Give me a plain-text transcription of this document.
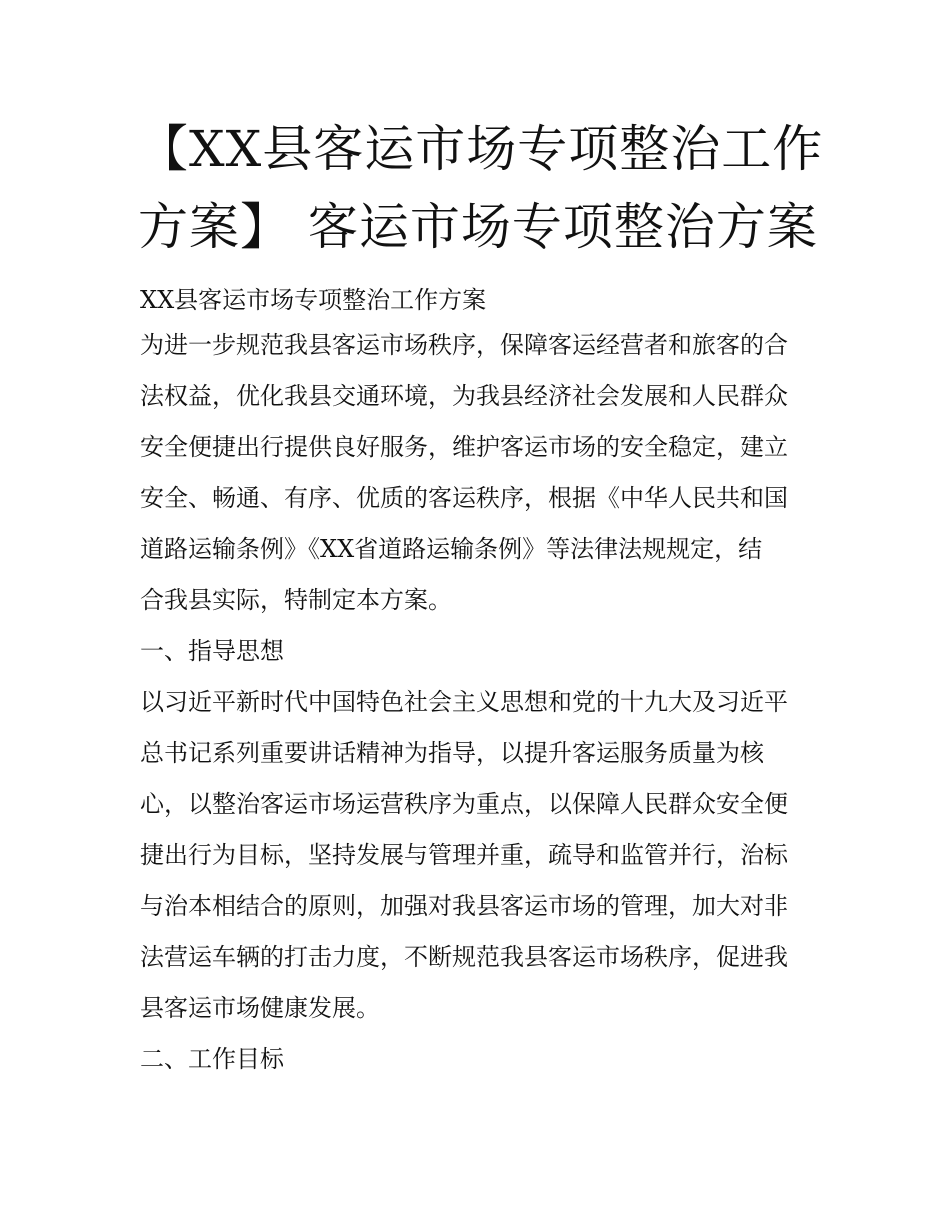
【XX县客运市场专项整治工作
方案】 客运市场专项整治方案

XX县客运市场专项整治工作方案

为进一步规范我县客运市场秩序，保障客运经营者和旅客的合
法权益，优化我县交通环境，为我县经济社会发展和人民群众
安全便捷出行提供良好服务，维护客运市场的安全稳定，建立
安全、畅通、有序、优质的客运秩序，根据《中华人民共和国
道路运输条例》《XX省道路运输条例》等法律法规规定，结
合我县实际，特制定本方案。

一、指导思想

以习近平新时代中国特色社会主义思想和党的十九大及习近平
总书记系列重要讲话精神为指导，以提升客运服务质量为核
心，以整治客运市场运营秩序为重点，以保障人民群众安全便
捷出行为目标，坚持发展与管理并重，疏导和监管并行，治标
与治本相结合的原则，加强对我县客运市场的管理，加大对非
法营运车辆的打击力度，不断规范我县客运市场秩序，促进我
县客运市场健康发展。

二、工作目标
